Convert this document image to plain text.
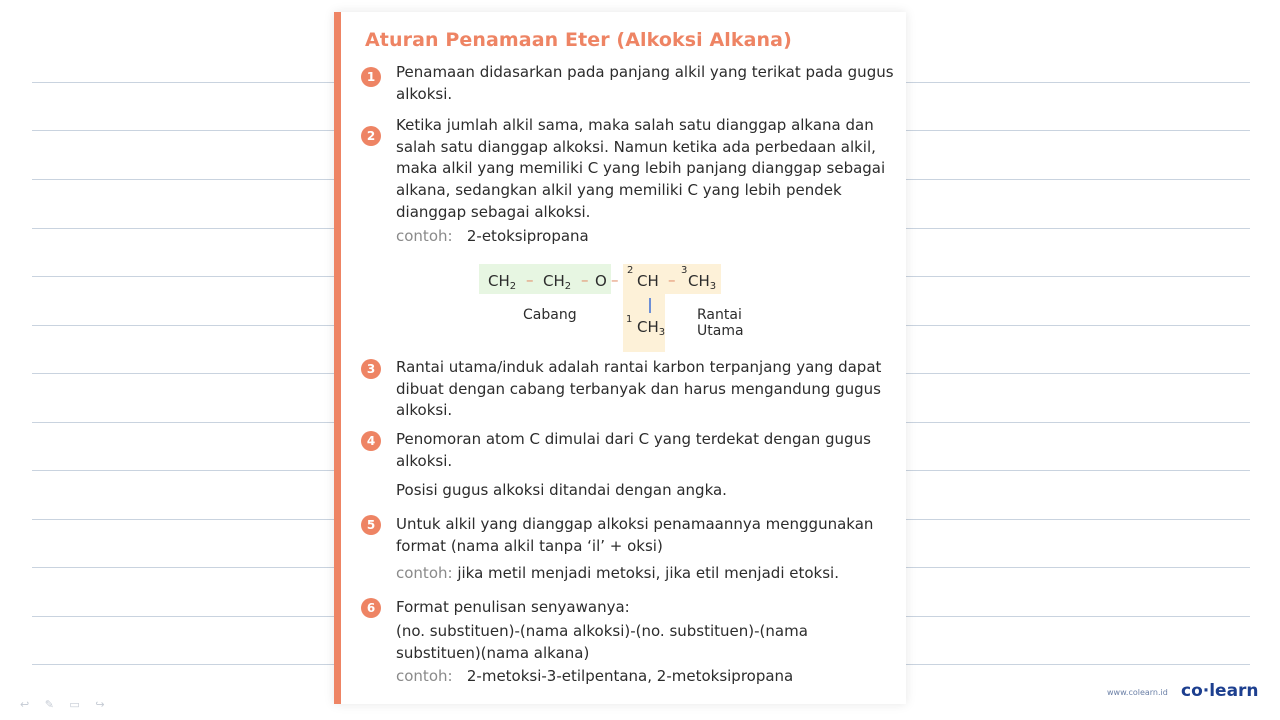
Aturan Penamaan Eter (Alkoksi Alkana)
1	Penamaan didasarkan pada panjang alkil yang terikat pada gugus alkoksi.
2
Ketika jumlah alkil sama, maka salah satu dianggap alkana dan salah satu dianggap alkoksi. Namun ketika ada perbedaan alkil, maka alkil yang memiliki C yang lebih panjang dianggap sebagai alkana, sedangkan alkil yang memiliki C yang lebih pendek dianggap sebagai alkoksi.
contoh: 2-etoksipropana
$CH_2 - CH_2$ – O –
2
CH –
3
$CH_3$
1 $CH_3$
Cabang	Rantai Utama
3	Rantai utama/induk adalah rantai karbon terpanjang yang dapat dibuat dengan cabang terbanyak dan harus mengandung gugus alkoksi.
4	Penomoran atom C dimulai dari C yang terdekat dengan gugus alkoksi.
Posisi gugus alkoksi ditandai dengan angka.
5	Untuk alkil yang dianggap alkoksi penamaannya menggunakan format (nama alkil tanpa ‘il’ + oksi)
contoh: jika metil menjadi metoksi, jika etil menjadi etoksi.
6	Format penulisan senyawanya:
(no. substituen)-(nama alkoksi)-(no. substituen)-(nama substituen)(nama alkana)
contoh: 2-metoksi-3-etilpentana, 2-metoksipropana
↩ ✎ ▭ ↪
www.colearn.id co·learn
